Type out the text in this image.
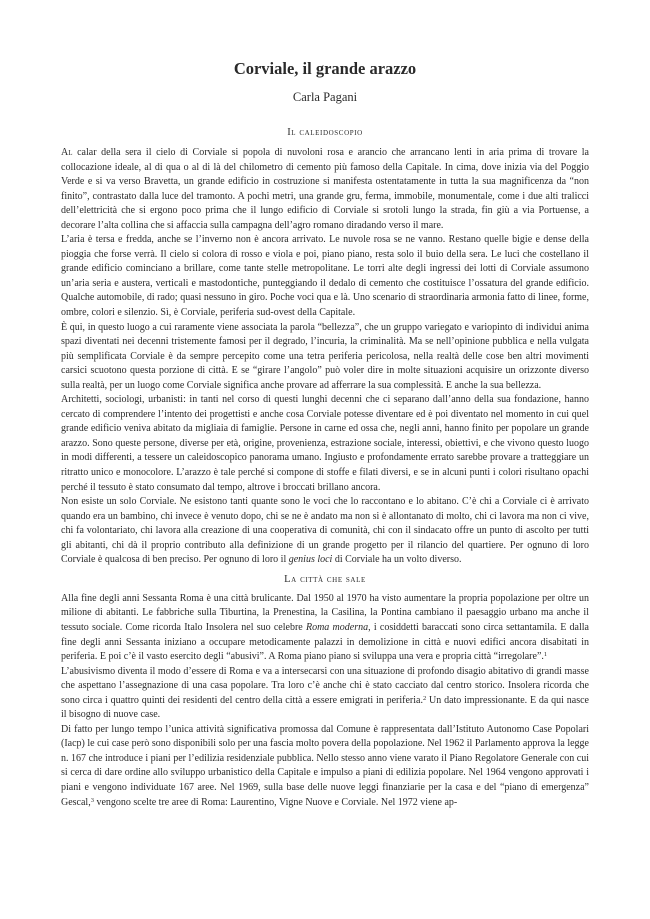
Corviale, il grande arazzo
Carla Pagani
Il caleidoscopio

Al calar della sera il cielo di Corviale si popola di nuvoloni rosa e arancio che arrancano lenti in aria prima di trovare la collocazione ideale, al di qua o al di là del chilometro di cemento più famoso della Capitale. In cima, dove inizia via del Poggio Verde e si va verso Bravetta, un grande edificio in costruzione si manifesta ostentatamente in tutta la sua magnificenza da “non finito”, contrastato dalla luce del tramonto. A pochi metri, una grande gru, ferma, immobile, monumentale, come i due alti tralicci dell’elettricità che si ergono poco prima che il lungo edificio di Corviale si srotoli lungo la strada, fin giù a via Portuense, a decorare l’alta collina che si affaccia sulla campagna dell’agro romano diradando verso il mare.

L’aria è tersa e fredda, anche se l’inverno non è ancora arrivato. Le nuvole rosa se ne vanno. Restano quelle bigie e dense della pioggia che forse verrà. Il cielo si colora di rosso e viola e poi, piano piano, resta solo il buio della sera. Le luci che costellano il grande edificio cominciano a brillare, come tante stelle metropolitane. Le torri alte degli ingressi dei lotti di Corviale assumono un’aria seria e austera, verticali e mastodontiche, punteggiando il dedalo di cemento che costituisce l’ossatura del grande edificio. Qualche automobile, di rado; quasi nessuno in giro. Poche voci qua e là. Uno scenario di straordinaria armonia fatto di linee, forme, ombre, colori e silenzio. Sì, è Corviale, periferia sud-ovest della Capitale.

È qui, in questo luogo a cui raramente viene associata la parola “bellezza”, che un gruppo variegato e variopinto di individui anima spazi diventati nei decenni tristemente famosi per il degrado, l’incuria, la criminalità. Ma se nell’opinione pubblica e nella vulgata più semplificata Corviale è da sempre percepito come una tetra periferia pericolosa, nella realtà delle cose ben altri movimenti carsici scuotono questa porzione di città. E se “girare l’angolo” può voler dire in molte situazioni acquisire un orizzonte diverso sulla realtà, per un luogo come Corviale significa anche provare ad afferrare la sua complessità. E anche la sua bellezza.

Architetti, sociologi, urbanisti: in tanti nel corso di questi lunghi decenni che ci separano dall’anno della sua fondazione, hanno cercato di comprendere l’intento dei progettisti e anche cosa Corviale potesse diventare ed è poi diventato nel momento in cui quel grande edificio veniva abitato da migliaia di famiglie. Persone in carne ed ossa che, negli anni, hanno finito per popolare un grande arazzo. Sono queste persone, diverse per età, origine, provenienza, estrazione sociale, interessi, obiettivi, e che vivono questo luogo in modi differenti, a tessere un caleidoscopico panorama umano. Ingiusto e profondamente errato sarebbe provare a tratteggiare un ritratto unico e monocolore. L’arazzo è tale perché si compone di stoffe e filati diversi, e se in alcuni punti i colori risultano opachi perché il tessuto è stato consumato dal tempo, altrove i broccati brillano ancora.

Non esiste un solo Corviale. Ne esistono tanti quante sono le voci che lo raccontano e lo abitano. C’è chi a Corviale ci è arrivato quando era un bambino, chi invece è venuto dopo, chi se ne è andato ma non si è allontanato di molto, chi ci lavora ma non ci vive, chi fa volontariato, chi lavora alla creazione di una cooperativa di comunità, chi con il sindacato offre un punto di ascolto per tutti gli abitanti, chi dà il proprio contributo alla definizione di un grande progetto per il rilancio del quartiere. Per ognuno di loro Corviale è qualcosa di ben preciso. Per ognuno di loro il genius loci di Corviale ha un volto diverso.

La città che sale

Alla fine degli anni Sessanta Roma è una città brulicante. Dal 1950 al 1970 ha visto aumentare la propria popolazione per oltre un milione di abitanti. Le fabbriche sulla Tiburtina, la Prenestina, la Casilina, la Pontina cambiano il paesaggio urbano ma anche il tessuto sociale. Come ricorda Italo Insolera nel suo celebre Roma moderna, i cosiddetti baraccati sono circa settantamila. E dalla fine degli anni Sessanta iniziano a occupare metodicamente palazzi in demolizione in città e nuovi edifici ancora disabitati in periferia. E poi c’è il vasto esercito degli “abusivi”. A Roma piano piano si sviluppa una vera e propria città “irregolare”.$^1$

L’abusivismo diventa il modo d’essere di Roma e va a intersecarsi con una situazione di profondo disagio abitativo di grandi masse che aspettano l’assegnazione di una casa popolare. Tra loro c’è anche chi è stato cacciato dal centro storico. Insolera ricorda che sono circa i quattro quinti dei residenti del centro della città a essere emigrati in periferia.$^2$ Un dato impressionante. E da qui nasce il bisogno di nuove case.

Di fatto per lungo tempo l’unica attività significativa promossa dal Comune è rappresentata dall’Istituto Autonomo Case Popolari (Iacp) le cui case però sono disponibili solo per una fascia molto povera della popolazione. Nel 1962 il Parlamento approva la legge n. 167 che introduce i piani per l’edilizia residenziale pubblica. Nello stesso anno viene varato il Piano Regolatore Generale con cui si cerca di dare ordine allo sviluppo urbanistico della Capitale e impulso a piani di edilizia popolare. Nel 1964 vengono approvati i piani e vengono individuate 167 aree. Nel 1969, sulla base delle nuove leggi finanziarie per la casa e del “piano di emergenza” Gescal,$^3$ vengono scelte tre aree di Roma: Laurentino, Vigne Nuove e Corviale. Nel 1972 viene ap-
